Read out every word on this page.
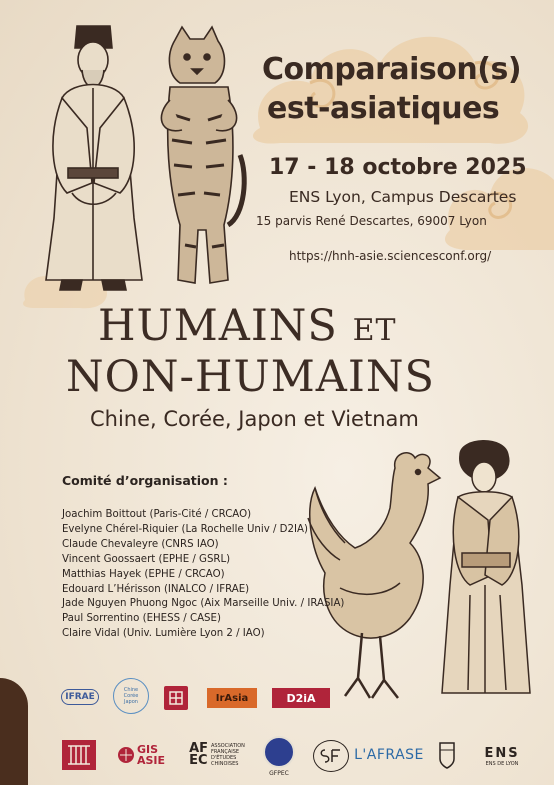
Comparaison(s)
est-asiatiques
17 - 18 octobre 2025
ENS Lyon, Campus Descartes
15 parvis René Descartes, 69007 Lyon
https://hnh-asie.sciencesconf.org/
HUMAINS ET
NON-HUMAINS
Chine, Corée, Japon et Vietnam
Comité d’organisation :
Joachim Boittout (Paris-Cité / CRCAO)
Evelyne Chérel-Riquier (La Rochelle Univ / D2IA)
Claude Chevaleyre (CNRS IAO)
Vincent Goossaert (EPHE / GSRL)
Matthias Hayek (EPHE / CRCAO)
Edouard L’Hérisson (INALCO / IFRAE)
Jade Nguyen Phuong Ngoc (Aix Marseille Univ. / IRASIA)
Paul Sorrentino (EHESS / CASE)
Claire Vidal (Univ. Lumière Lyon 2 / IAO)
IFRAE
Chine
Corée
Japon	IrAsia	D2iA
GIS
ASIE
AF
EC
ASSOCIATION
FRANÇAISE
D'ÉTUDES
CHINOISES
GFPEC
L'AFRASE	ENS
ENS DE LYON
